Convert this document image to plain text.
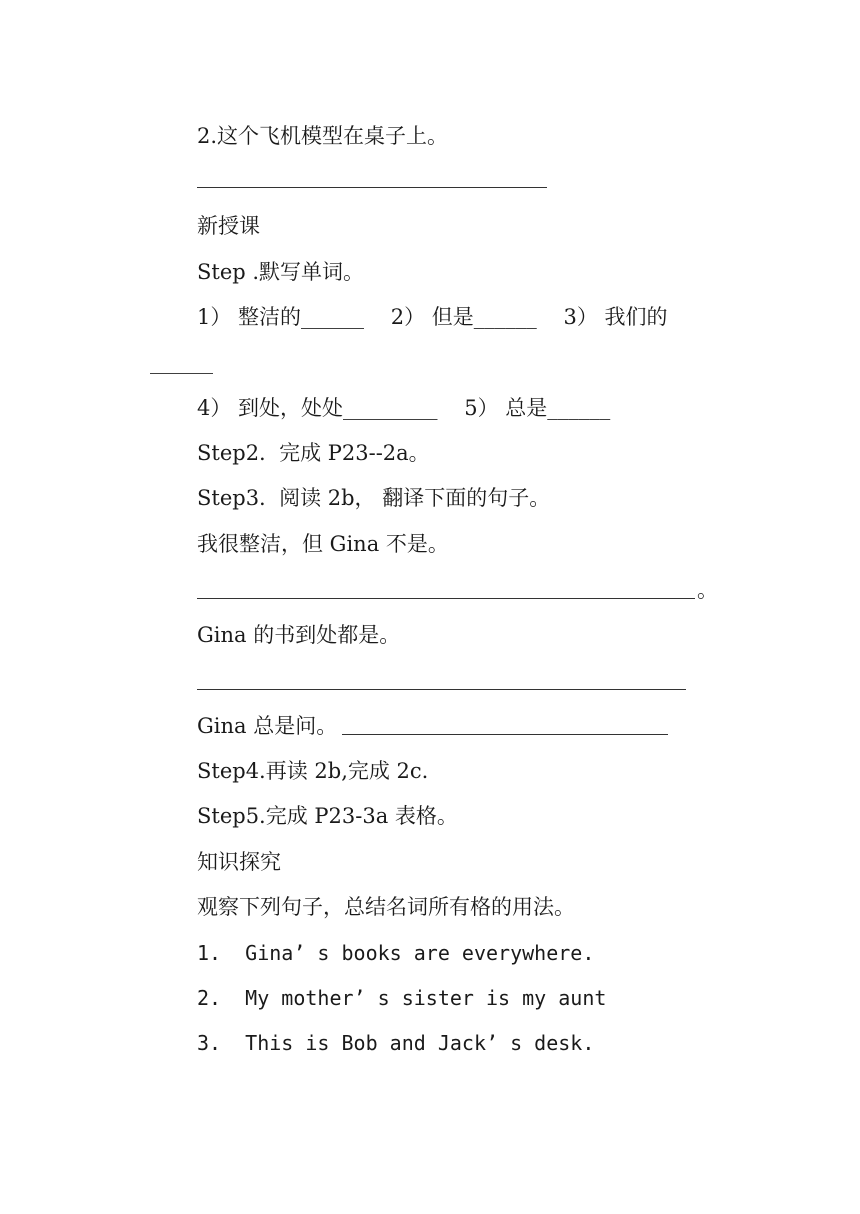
2.这个飞机模型在桌子上。
新授课
Step .默写单词。
1） 整洁的______    2） 但是______    3） 我们的
______
4） 到处，处处_________    5） 总是______
Step2.  完成 P23--2a。
Step3.  阅读 2b， 翻译下面的句子。
我很整洁，但 Gina 不是。
。
Gina 的书到处都是。
Gina 总是问。
Step4.再读 2b,完成 2c.
Step5.完成 P23-3a 表格。
知识探究
观察下列句子，总结名词所有格的用法。
1.  Gina’ s books are everywhere.
2.  My mother’ s sister is my aunt
3.  This is Bob and Jack’ s desk.
